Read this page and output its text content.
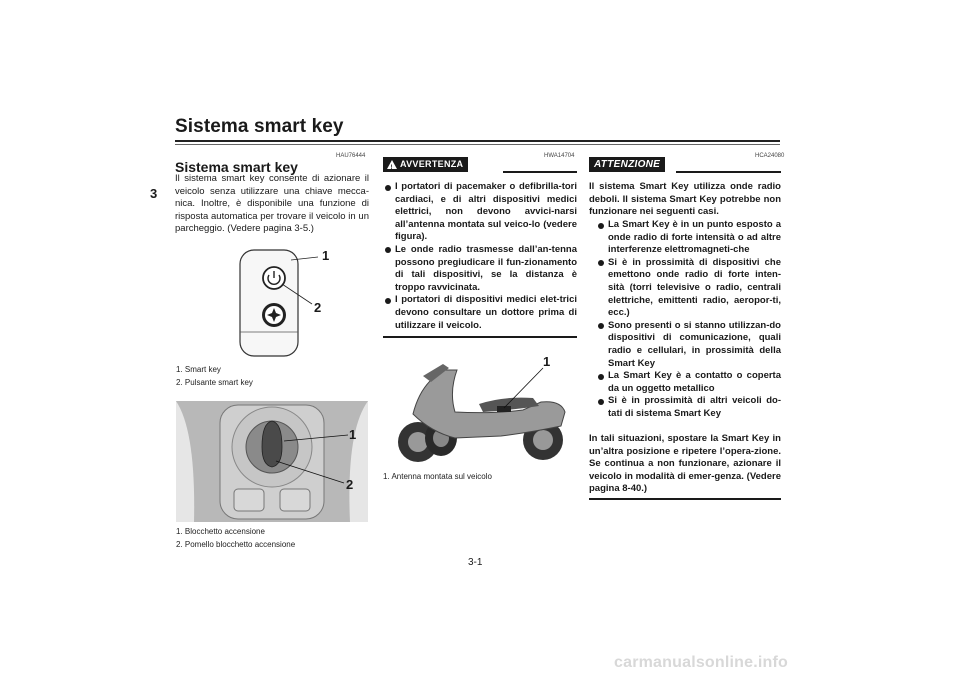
Sistema smart key
3
HAU76444
Sistema smart key
Il sistema smart key consente di azionare il veicolo senza utilizzare una chiave mecca-nica. Inoltre, è disponibile una funzione di risposta automatica per trovare il veicolo in un parcheggio. (Vedere pagina 3-5.)
1
2
1. Smart key
2. Pulsante smart key
1
2
1. Blocchetto accensione
2. Pomello blocchetto accensione
HWA14704
!
AVVERTENZA
I portatori di pacemaker o defibrilla-tori cardiaci, e di altri dispositivi medici elettrici, non devono avvici-narsi all’antenna montata sul veico-lo (vedere figura).
Le onde radio trasmesse dall’an-tenna possono pregiudicare il fun-zionamento di tali dispositivi, se la distanza è troppo ravvicinata.
I portatori di dispositivi medici elet-trici devono consultare un dottore prima di utilizzare il veicolo.
1
1. Antenna montata sul veicolo
HCA24080
ATTENZIONE
Il sistema Smart Key utilizza onde radio deboli. Il sistema Smart Key potrebbe non funzionare nei seguenti casi.
La Smart Key è in un punto esposto a onde radio di forte intensità o ad altre interferenze elettromagneti-che
Si è in prossimità di dispositivi che emettono onde radio di forte inten-sità (torri televisive o radio, centrali elettriche, emittenti radio, aeropor-ti, ecc.)
Sono presenti o si stanno utilizzan-do dispositivi di comunicazione, quali radio e cellulari, in prossimità della Smart Key
La Smart Key è a contatto o coperta da un oggetto metallico
Si è in prossimità di altri veicoli do-tati di sistema Smart Key
In tali situazioni, spostare la Smart Key in un’altra posizione e ripetere l’opera-zione. Se continua a non funzionare, azionare il veicolo in modalità di emer-genza. (Vedere pagina 8-40.)
3-1
carmanualsonline.info
